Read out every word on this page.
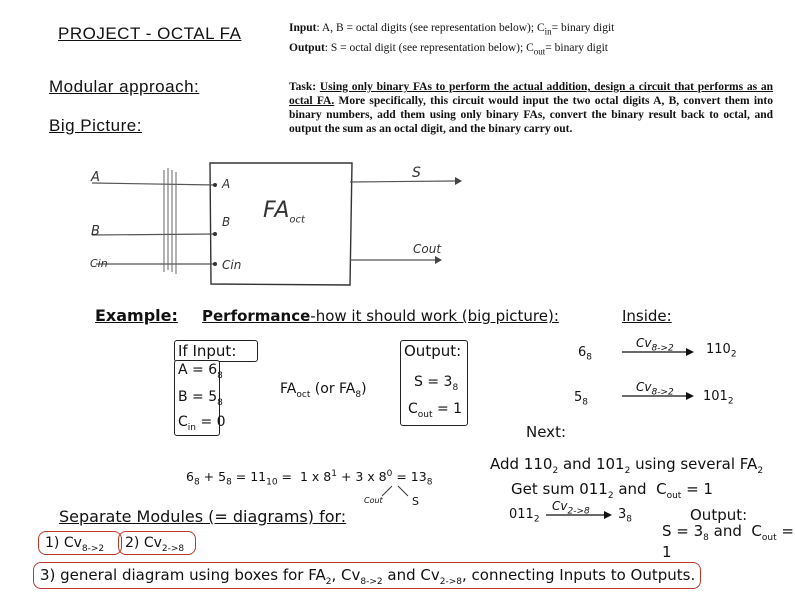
PROJECT - OCTAL FA	Input: A, B = octal digits (see representation below); $C_{in}=$ binary digit
Output: S = octal digit (see representation below); $C_{out}=$ binary digit
Modular approach:
Big Picture:
Task: Using only binary FAs to perform the actual addition, design a circuit that performs as an octal FA. More specifically, this circuit would input the two octal digits A, B, convert them into binary numbers, add them using only binary FAs, convert the binary result back to octal, and output the sum as an octal digit, and the binary carry out.
A
B
Cin
A
B
Cin
$FA_{oct}$
S
Cout
Example: Performance-how it should work (big picture):	Inside:
If Input:
$A = 6_8$
$B = 5_8$
$C_{in} = 0$
$FA_{oct}$ (or $FA_8$)
Output:
$S = 3_8$
$C_{out} = 1$
$6_8$
$Cv_{8->2}$ $110_2$
$5_8$
$Cv_{8->2}$ $101_2$
Next:
Add $110_2$ and $101_2$ using several $FA_2$
Get sum $011_2$ and  $C_{out} = 1$
$011_2$
$Cv_{2->8}$ $3_8$	Output:
$S = 3_8$ and  $C_{out} = 1$
$6_8 + 5_8 = 11_{10} = 1$ x $8^1 + 3$ x $8^0 = 13_8$
Cout	S
Separate Modules (= diagrams) for:
1) $Cv_{8->2}$	2) $Cv_{2->8}$
3) general diagram using boxes for $FA_2$, $Cv_{8->2}$ and $Cv_{2->8}$, connecting Inputs to Outputs.
